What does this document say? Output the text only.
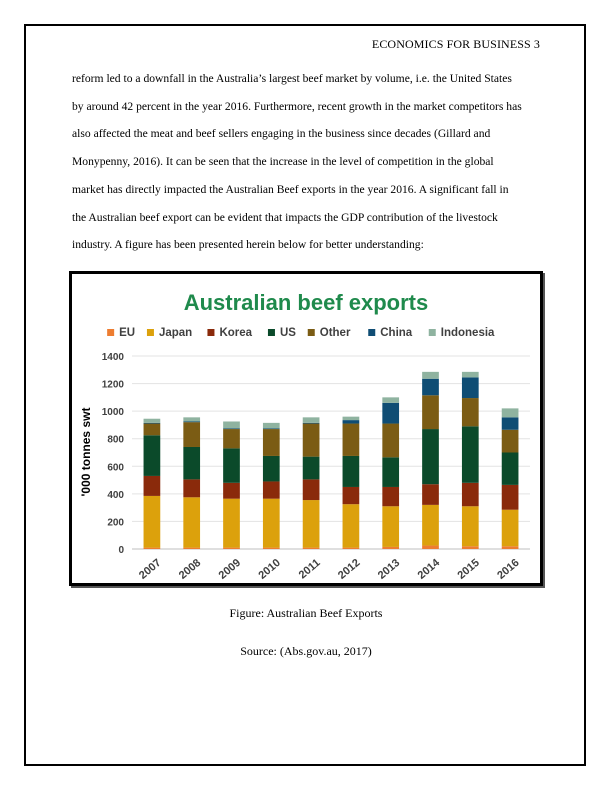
ECONOMICS FOR BUSINESS 3
reform led to a downfall in the Australia’s largest beef market by volume, i.e. the United States
by around 42 percent in the year 2016. Furthermore, recent growth in the market competitors has
also affected the meat and beef sellers engaging in the business since decades (Gillard and
Monypenny, 2016). It can be seen that the increase in the level of competition in the global
market has directly impacted the Australian Beef exports in the year 2016. A significant fall in
the Australian beef export can be evident that impacts the GDP contribution of the livestock
industry. A figure has been presented herein below for better understanding:
Australian beef exports
EU Japan Korea US Other	China Indonesia
0
200
400
600
800
1000
1200
1400
2007 2008 2009 2010 2011 2012 2013 2014 2015 2016
'000 tonnes swt
Figure: Australian Beef Exports
Source: (Abs.gov.au, 2017)
